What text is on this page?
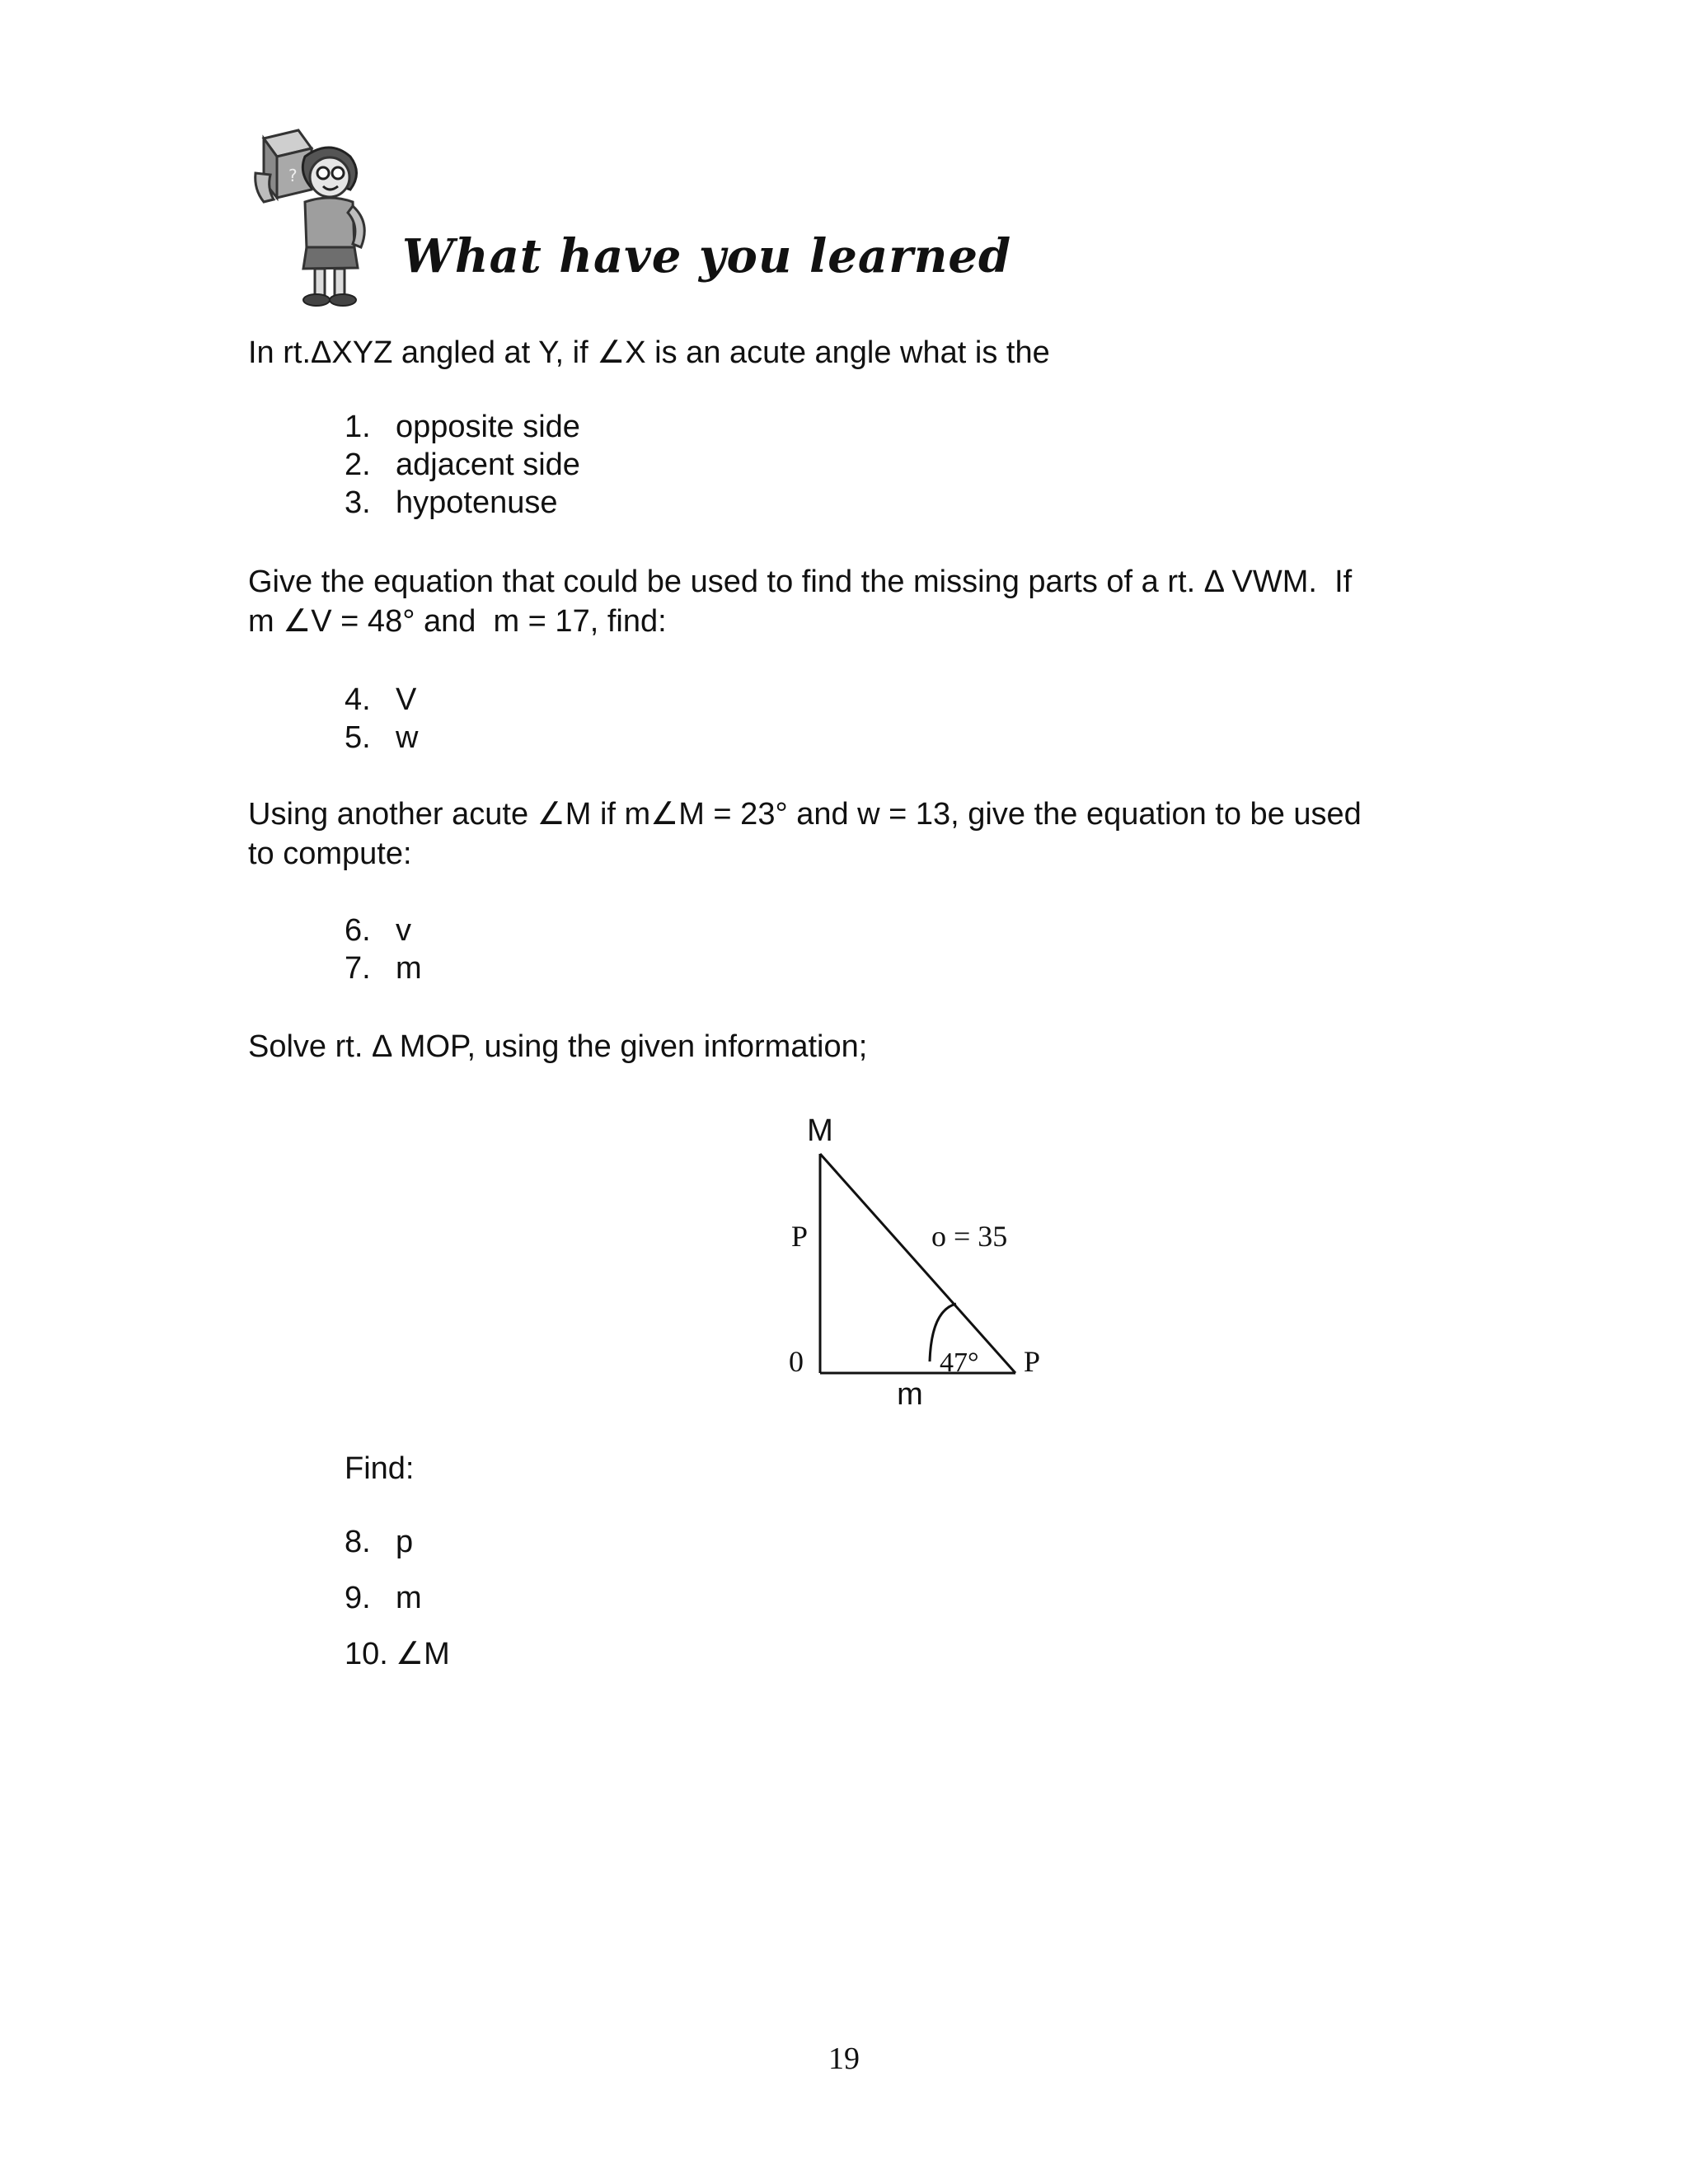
?
What have you learned
In rt.ΔXYZ angled at Y, if ∠X is an acute angle what is the
1. opposite side
2. adjacent side
3. hypotenuse
Give the equation that could be used to find the missing parts of a rt. Δ VWM.  If
m ∠V = 48° and  m = 17, find:
4. V
5. w
Using another acute ∠M if m∠M = 23° and w = 13, give the equation to be used
to compute:
6. v
7. m
Solve rt. Δ MOP, using the given information;
M
P	o = 35
0	47° P
m
Find:
8. p
9. m
10. ∠M
19
